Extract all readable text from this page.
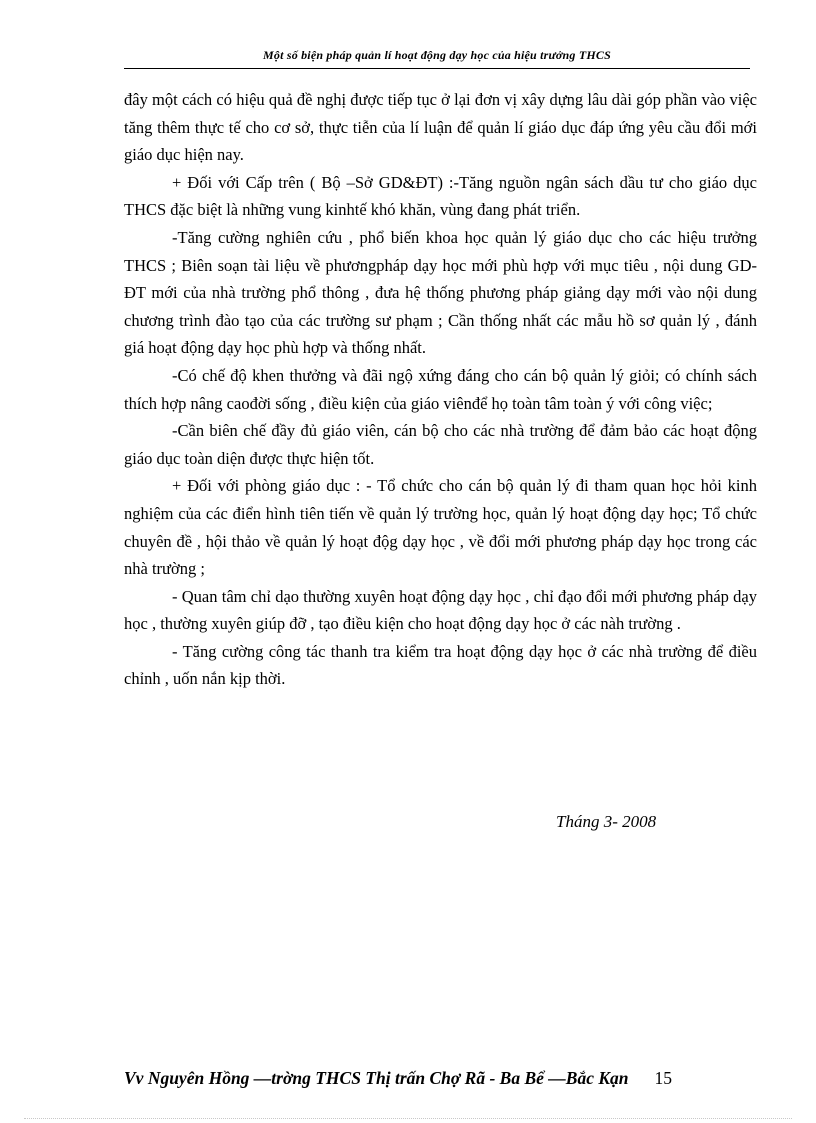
Một số biện pháp quản lí hoạt động dạy học của hiệu trưởng THCS

đây một cách có hiệu quả đề nghị được tiếp tục ở lại đơn vị xây dựng lâu dài góp phần vào việc tăng thêm thực tế cho cơ sở, thực tiễn của lí luận để quản lí giáo dục đáp ứng yêu cầu đổi mới giáo dục hiện nay.

+ Đối với Cấp trên ( Bộ –Sở GD&ĐT) :-Tăng nguồn ngân sách dầu tư cho giáo dục THCS đặc biệt là những vung kinhtế khó khăn, vùng đang phát triển.

-Tăng cường nghiên cứu , phổ biến khoa học quản lý giáo dục cho các hiệu trưởng THCS ; Biên soạn tài liệu về phươngpháp dạy học mới phù hợp với mục tiêu , nội dung GD-ĐT mới của nhà trường phổ thông , đưa hệ thống phương pháp giảng dạy mới vào nội dung chương trình đào tạo của các trường sư phạm ; Cần thống nhất các mẫu hồ sơ quản lý , đánh giá hoạt động dạy học phù hợp và thống nhất.

-Có chế độ khen thưởng và đãi ngộ xứng đáng cho cán bộ quản lý giỏi; có chính sách thích hợp nâng caođời sống , điều kiện của giáo viênđể họ toàn tâm toàn ý với công việc;

-Cần biên chế đầy đủ giáo viên, cán bộ cho các nhà trường để đảm bảo các hoạt động giáo dục toàn diện được thực hiện tốt.

+ Đối với phòng giáo dục : - Tổ chức cho cán bộ quản lý đi tham quan học hỏi kinh nghiệm của các điển hình tiên tiến về quản lý trường học, quản lý hoạt động dạy học; Tổ chức chuyên đề , hội thảo về quản lý hoạt độg dạy học , về đổi mới phương pháp dạy học trong các nhà trường ;

- Quan tâm chỉ dạo thường xuyên hoạt động dạy học , chỉ đạo đổi mới phương pháp dạy học , thường xuyên giúp đỡ , tạo điều kiện cho hoạt động dạy học ở các nàh trường .

- Tăng cường công tác thanh tra kiểm tra hoạt động dạy học ở các nhà trường để điều chỉnh , uốn nắn kịp thời.

Tháng 3- 2008
Vv Nguyên Hồng —trờng THCS Thị trấn Chợ Rã - Ba Bể —Bắc Kạn 15
